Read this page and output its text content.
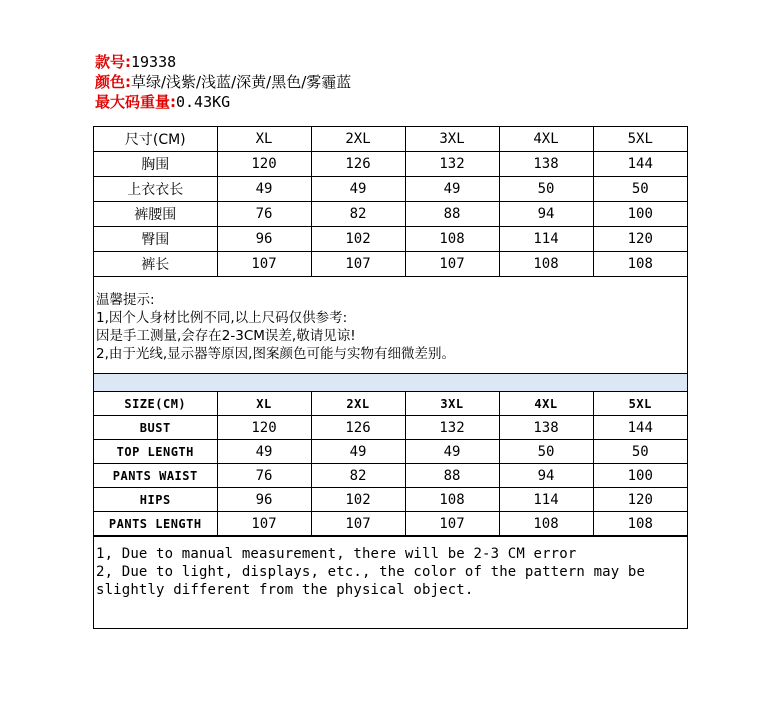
款号:19338
颜色:草绿/浅紫/浅蓝/深黄/黑色/雾霾蓝
最大码重量:0.43KG
尺寸(CM)	XL	2XL	3XL	4XL	5XL
胸围	120	126	132	138	144
上衣衣长	49	49	49	50	50
裤腰围	76	82	88	94	100
臀围	96	102	108	114	120
裤长	107	107	107	108	108
温馨提示:
1,因个人身材比例不同,以上尺码仅供参考:
因是手工测量,会存在2-3CM误差,敬请见谅!
2,由于光线,显示器等原因,图案颜色可能与实物有细微差别。
SIZE(CM)	XL	2XL	3XL	4XL	5XL
BUST	120	126	132	138	144
TOP LENGTH	49	49	49	50	50
PANTS WAIST	76	82	88	94	100
HIPS	96	102	108	114	120
PANTS LENGTH	107	107	107	108	108
1, Due to manual measurement, there will be 2-3 CM error
2, Due to light, displays, etc., the color of the pattern may be
slightly different from the physical object.
